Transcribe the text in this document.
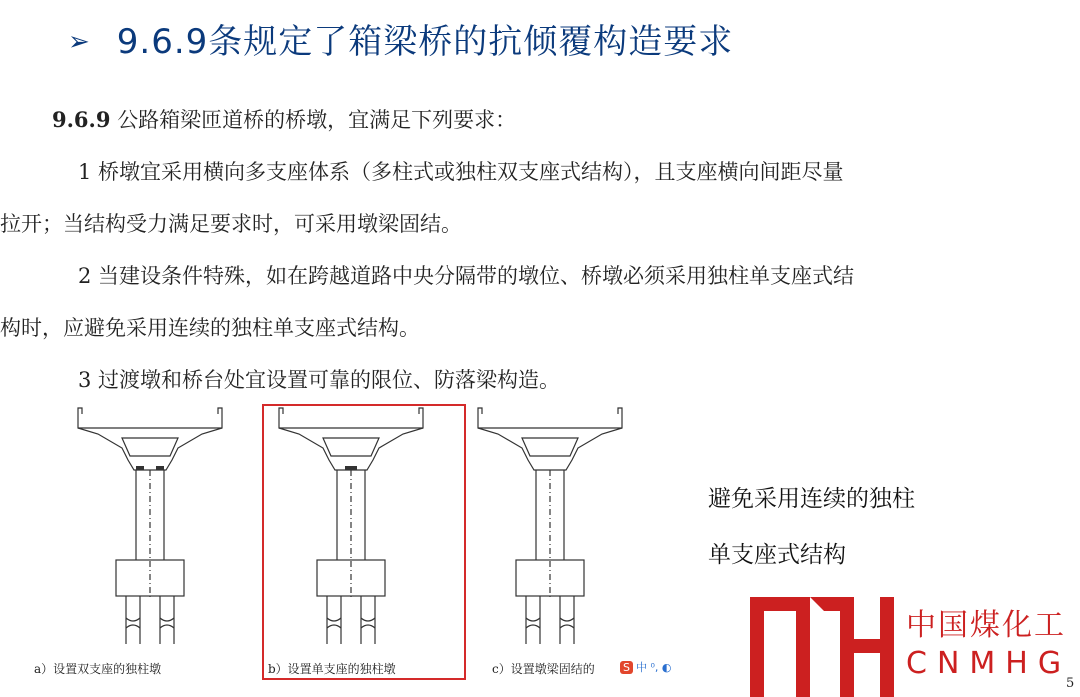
➢ 9.6.9条规定了箱梁桥的抗倾覆构造要求

9.6.9 公路箱梁匝道桥的桥墩，宜满足下列要求：

1 桥墩宜采用横向多支座体系（多柱式或独柱双支座式结构），且支座横向间距尽量

拉开；当结构受力满足要求时，可采用墩梁固结。

2 当建设条件特殊，如在跨越道路中央分隔带的墩位、桥墩必须采用独柱单支座式结

构时，应避免采用连续的独柱单支座式结构。

3 过渡墩和桥台处宜设置可靠的限位、防落梁构造。

a）设置双支座的独柱墩	b）设置单支座的独柱墩	c）设置墩梁固结的	S 中 ⁰, ◐
避免采用连续的独柱
单支座式结构
中国煤化工
CNMHG
5
